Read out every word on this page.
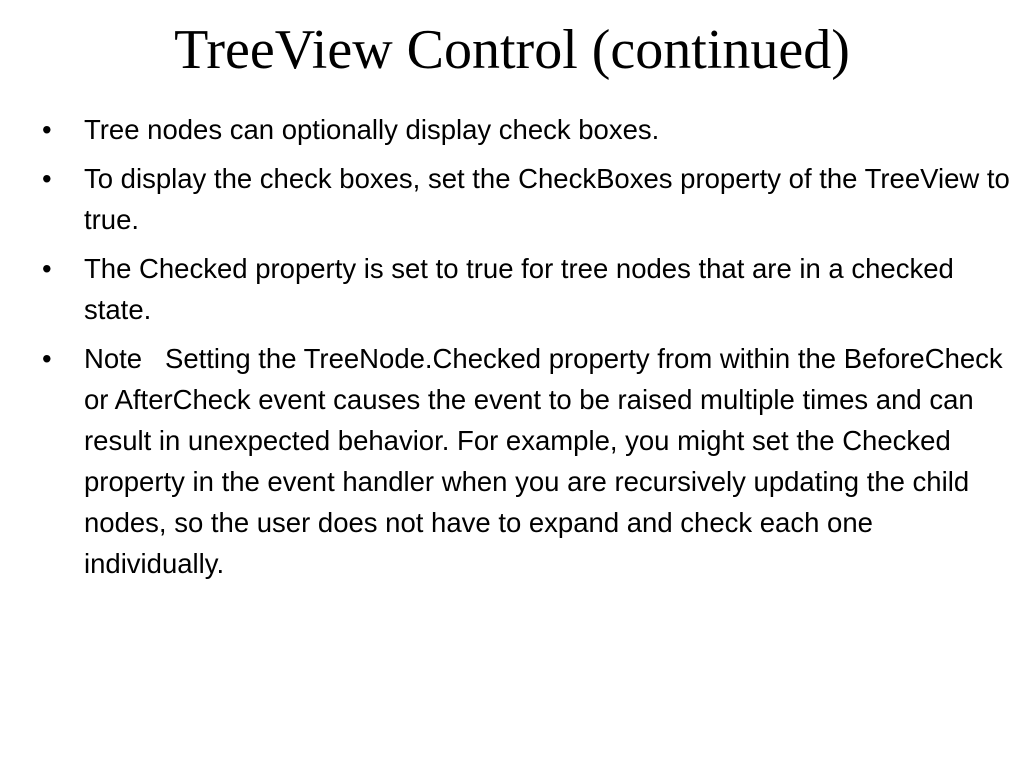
TreeView Control (continued)
•	Tree nodes can optionally display check boxes.
•	To display the check boxes, set the CheckBoxes property of the TreeView to true.
•	The Checked property is set to true for tree nodes that are in a checked state.
•	Note   Setting the TreeNode.Checked property from within the BeforeCheck or AfterCheck event causes the event to be raised multiple times and can result in unexpected behavior. For example, you might set the Checked property in the event handler when you are recursively updating the child nodes, so the user does not have to expand and check each one individually.
